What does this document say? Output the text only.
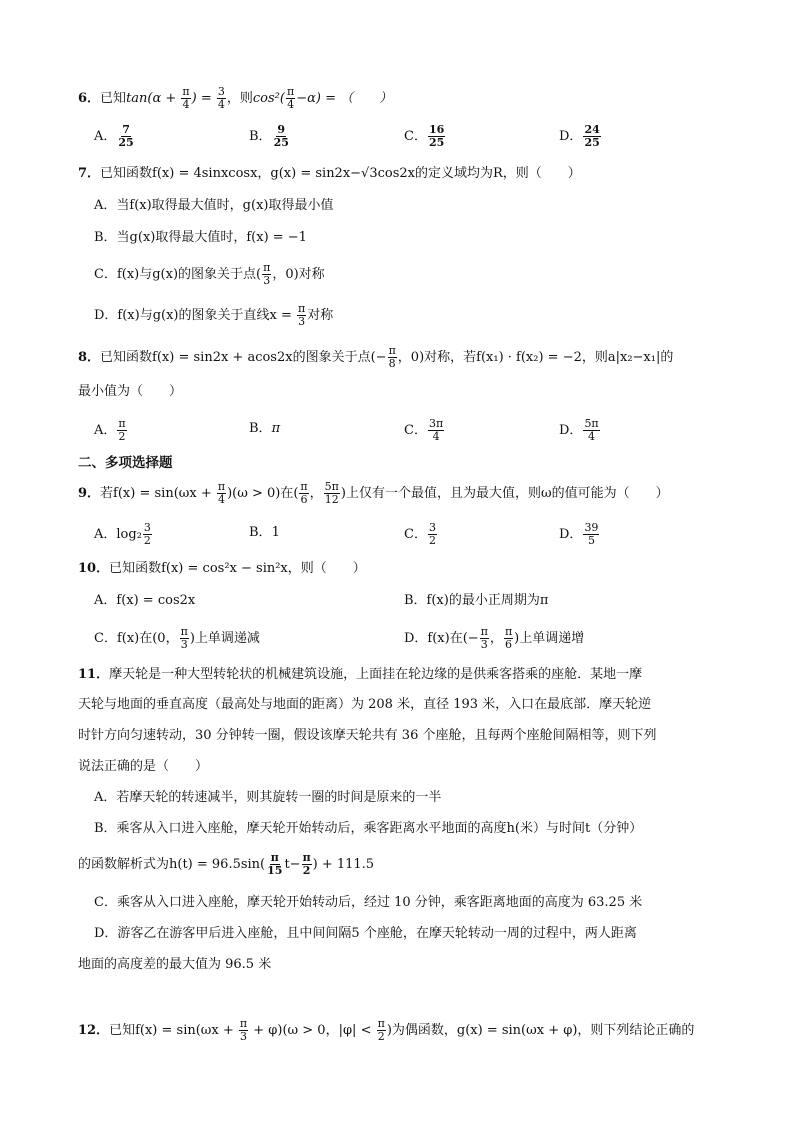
6．已知$\tan(\alpha + \frac{\pi}{4}$ ) = $\frac{3}{4}$ ，则$\cos^2( \frac{\pi}{4} -\alpha)$ = （　　）
A． $\frac{7}{25}$	B． $\frac{9}{25}$	C． $\frac{16}{25}$	D． $\frac{24}{25}$
7．已知函数f(x) = 4sinxcosx，g(x) = sin2x−√3cos2x的定义域均为R，则（　　）
A．当f(x)取得最大值时，g(x)取得最小值
B．当g(x)取得最大值时，f(x) = −1
C．f(x)与g(x)的图象关于点( $\frac{\pi}{3}$ ，0)对称
D．f(x)与g(x)的图象关于直线$x = \frac{\pi}{3}$ 对称
8．已知函数f(x) = sin2x + acos2x的图象关于点(− $\frac{\pi}{8}$ ，0)对称，若f(x₁) · f(x₂) = −2，则a|x₂−x₁|的
最小值为（　　）
A． $\frac{\pi}{2}$	B．π	C． $\frac{3\pi}{4}$	D． $\frac{5\pi}{4}$
二、多项选择题
9．若$f(x) = \sin(\omega x + \frac{\pi}{4} )(\omega > 0)$在( $\frac{\pi}{6}$ ， $\frac{5\pi}{12}$ )上仅有一个最值，且为最大值，则ω的值可能为（　　）
A．$\log_2 \frac{3}{2}$	B．1	C． $\frac{3}{2}$	D． $\frac{39}{5}$
10．已知函数f(x) = cos²x − sin²x，则（　　）
A．f(x) = cos2x	B．f(x)的最小正周期为π
C．f(x)在(0， $\frac{\pi}{3}$ )上单调递减	D．f(x)在(− $\frac{\pi}{3}$ ， $\frac{\pi}{6}$ )上单调递增
11．摩天轮是一种大型转轮状的机械建筑设施，上面挂在轮边缘的是供乘客搭乘的座舱．某地一摩
天轮与地面的垂直高度（最高处与地面的距离）为 208 米，直径 193 米，入口在最底部．摩天轮逆
时针方向匀速转动，30 分钟转一圈，假设该摩天轮共有 36 个座舱，且每两个座舱间隔相等，则下列
说法正确的是（　　）
A．若摩天轮的转速减半，则其旋转一圈的时间是原来的一半
B．乘客从入口进入座舱，摩天轮开始转动后，乘客距离水平地面的高度h(米）与时间t（分钟）
的函数解析式为$h(t) = 96.5\sin( \frac{\pi}{15} t- \frac{\pi}{2}$ ) + 111.5
C．乘客从入口进入座舱，摩天轮开始转动后，经过 10 分钟，乘客距离地面的高度为 63.25 米
D．游客乙在游客甲后进入座舱，且中间间隔5 个座舱，在摩天轮转动一周的过程中，两人距离
地面的高度差的最大值为 96.5 米
12．已知$f(x) = \sin(\omega x + \frac{\pi}{3} + \varphi)(\omega > 0$，$|\varphi| < \frac{\pi}{2}$ )为偶函数，g(x) = sin(ωx + φ)，则下列结论正确的
